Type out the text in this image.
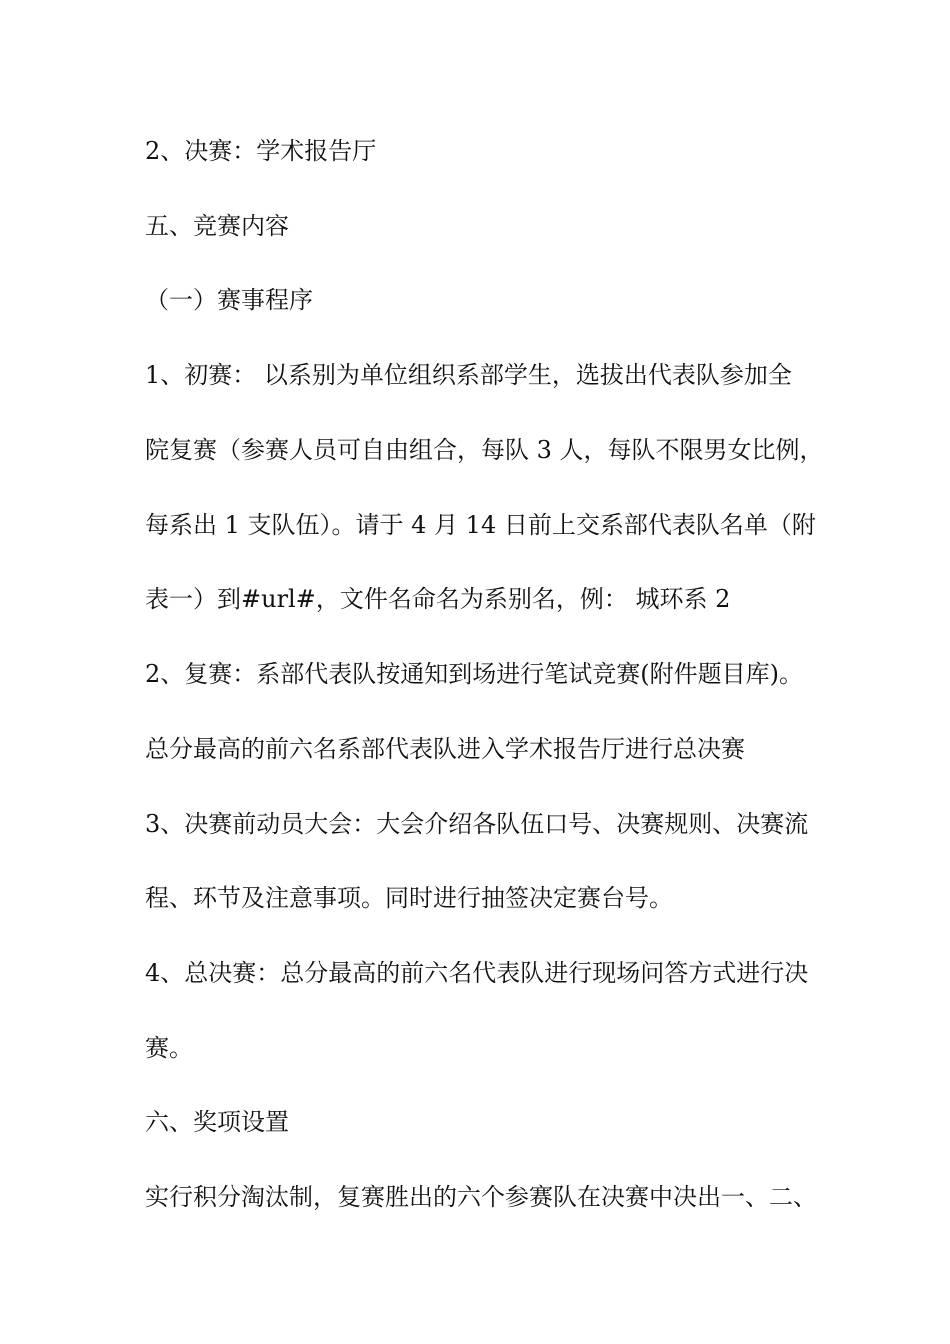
2、决赛：学术报告厅

五、竞赛内容

（一）赛事程序

1、初赛： 以系别为单位组织系部学生，选拔出代表队参加全

院复赛（参赛人员可自由组合，每队 3 人，每队不限男女比例，

每系出 1 支队伍）。请于 4 月 14 日前上交系部代表队名单（附

表一）到#url#，文件名命名为系别名，例： 城环系 2

2、复赛：系部代表队按通知到场进行笔试竞赛(附件题目库)。

总分最高的前六名系部代表队进入学术报告厅进行总决赛

3、决赛前动员大会：大会介绍各队伍口号、决赛规则、决赛流

程、环节及注意事项。同时进行抽签决定赛台号。

4、总决赛：总分最高的前六名代表队进行现场问答方式进行决

赛。

六、奖项设置

实行积分淘汰制，复赛胜出的六个参赛队在决赛中决出一、二、
